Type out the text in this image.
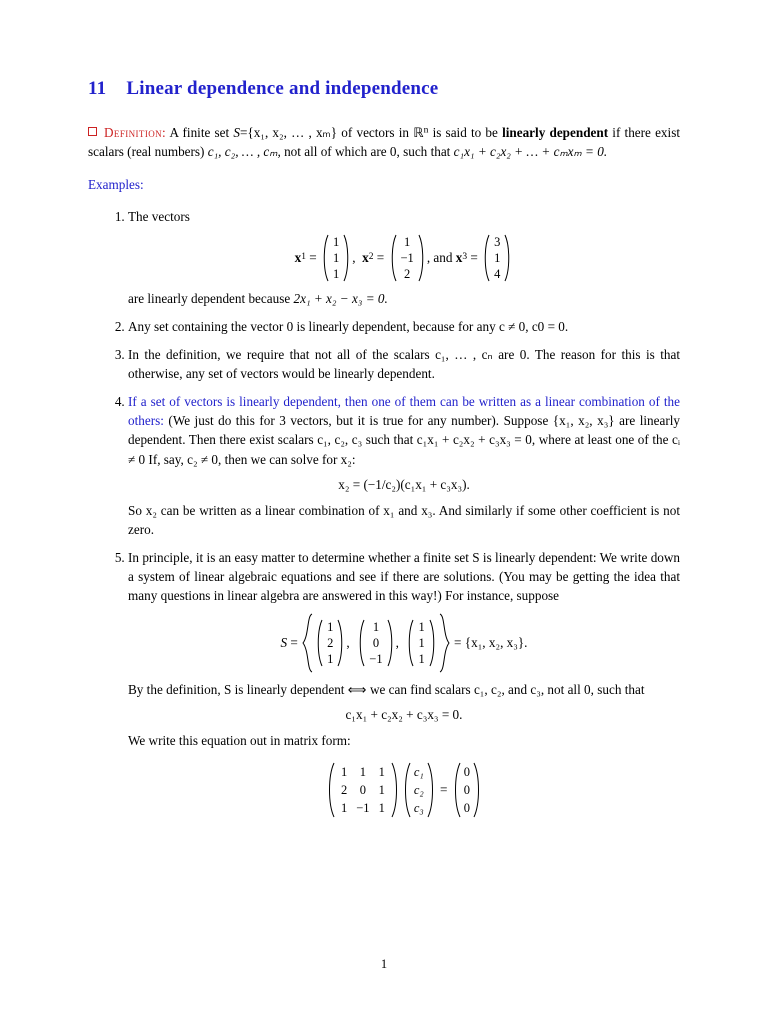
11 Linear dependence and independence
Definition: A finite set S={x₁, x₂, … , xₘ} of vectors in ℝ$^n$ is said to be linearly dependent if there exist scalars (real numbers) c₁, c₂, … , cₘ, not all of which are 0, such that c₁x₁ + c₂x₂ + … + cₘxₘ = 0.
Examples:
1. The vectors
x 1 =
1
1
1
,
x 2 =
1
−1
2
, and
x 3 =
3
1
4
are linearly dependent because 2x₁ + x₂ − x₃ = 0.
2. Any set containing the vector 0 is linearly dependent, because for any c ≠ 0, c0 = 0.
3. In the definition, we require that not all of the scalars c₁, … , cₙ are 0. The reason for this is that otherwise, any set of vectors would be linearly dependent.
4. If a set of vectors is linearly dependent, then one of them can be written as a linear combination of the others: (We just do this for 3 vectors, but it is true for any number). Suppose {x₁, x₂, x₃} are linearly dependent. Then there exist scalars c₁, c₂, c₃ such that c₁x₁ + c₂x₂ + c₃x₃ = 0, where at least one of the cᵢ ≠ 0 If, say, c₂ ≠ 0, then we can solve for x₂:
x₂ = (−1/c₂)(c₁x₁ + c₃x₃).
So x₂ can be written as a linear combination of x₁ and x₃. And similarly if some other coefficient is not zero.
5. In principle, it is an easy matter to determine whether a finite set S is linearly dependent: We write down a system of linear algebraic equations and see if there are solutions. (You may be getting the idea that many questions in linear algebra are answered in this way!) For instance, suppose
S
=

1
2
1
,

1
0
−1
,

1
1
1

=
{x₁, x₂, x₃}.
By the definition, S is linearly dependent ⟺ we can find scalars c₁, c₂, and c₃, not all 0, such that
c₁x₁ + c₂x₂ + c₃x₃ = 0.
We write this equation out in matrix form:
1 1 1
2 0 1
1 −1 1
c₁
c₂
c₃

=

0
0
0
1
